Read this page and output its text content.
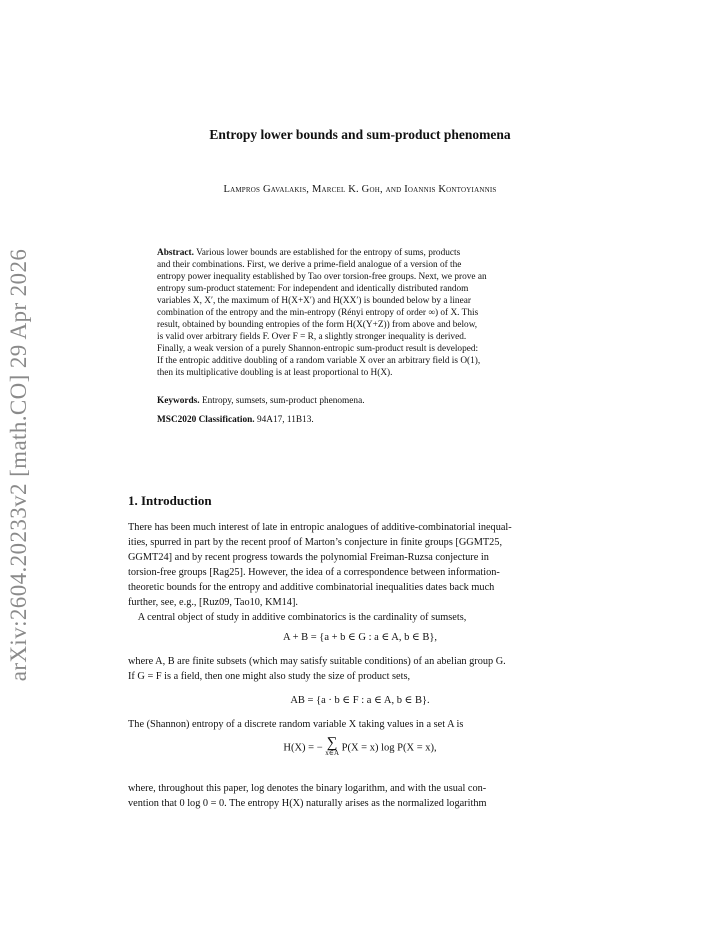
arXiv:2604.20233v2 [math.CO] 29 Apr 2026
Entropy lower bounds and sum-product phenomena
Lampros Gavalakis, Marcel K. Goh, and Ioannis Kontoyiannis
Abstract. Various lower bounds are established for the entropy of sums, products
and their combinations. First, we derive a prime-field analogue of a version of the
entropy power inequality established by Tao over torsion-free groups. Next, we prove an
entropy sum-product statement: For independent and identically distributed random
variables X, X′, the maximum of H(X+X′) and H(XX′) is bounded below by a linear
combination of the entropy and the min-entropy (Rényi entropy of order ∞) of X. This
result, obtained by bounding entropies of the form H(X(Y+Z)) from above and below,
is valid over arbitrary fields F. Over F = R, a slightly stronger inequality is derived.
Finally, a weak version of a purely Shannon-entropic sum-product result is developed:
If the entropic additive doubling of a random variable X over an arbitrary field is O(1),
then its multiplicative doubling is at least proportional to H(X).
Keywords. Entropy, sumsets, sum-product phenomena.
MSC2020 Classification. 94A17, 11B13.
1. Introduction
There has been much interest of late in entropic analogues of additive-combinatorial inequal-
ities, spurred in part by the recent proof of Marton’s conjecture in finite groups [GGMT25,
GGMT24] and by recent progress towards the polynomial Freiman-Ruzsa conjecture in
torsion-free groups [Rag25]. However, the idea of a correspondence between information-
theoretic bounds for the entropy and additive combinatorial inequalities dates back much
further, see, e.g., [Ruz09, Tao10, KM14].
A central object of study in additive combinatorics is the cardinality of sumsets,
A + B = {a + b ∈ G : a ∈ A, b ∈ B},
where A, B are finite subsets (which may satisfy suitable conditions) of an abelian group G.
If G = F is a field, then one might also study the size of product sets,
AB = {a · b ∈ F : a ∈ A, b ∈ B}.
The (Shannon) entropy of a discrete random variable X taking values in a set A is
H(X) = − ∑
x∈A P(X = x) log P(X = x),
where, throughout this paper, log denotes the binary logarithm, and with the usual con-
vention that 0 log 0 = 0. The entropy H(X) naturally arises as the normalized logarithm
